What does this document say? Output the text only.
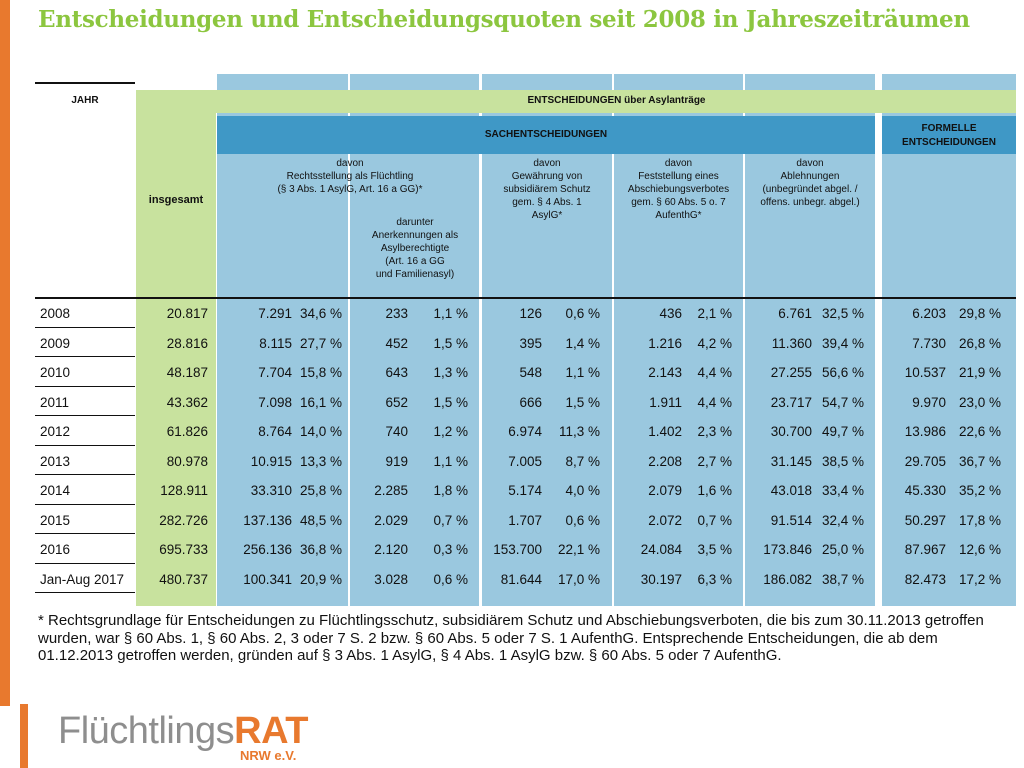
Entscheidungen und Entscheidungsquoten seit 2008 in Jahreszeiträumen
JAHR	ENTSCHEIDUNGEN über Asylanträge
insgesamt
SACHENTSCHEIDUNGEN
FORMELLE
ENTSCHEIDUNGEN
davon
Rechtsstellung als Flüchtling
(§ 3 Abs. 1 AsylG, Art. 16 a GG)*
darunter
Anerkennungen als
Asylberechtigte
(Art. 16 a GG
und Familienasyl)
davon
Gewährung von
subsidiärem Schutz
gem. § 4 Abs. 1
AsylG*
davon
Feststellung eines
Abschiebungsverbotes
gem. § 60 Abs. 5 o. 7
AufenthG*
davon
Ablehnungen
(unbegründet abgel. /
offens. unbegr. abgel.)
2008	20.817	7.291 34,6 %	233	1,1 %	126	0,6 %	436	2,1 %	6.761 32,5 %	6.203 29,8 %
2009	28.816	8.115 27,7 %	452	1,5 %	395	1,4 %	1.216	4,2 %	11.360 39,4 %	7.730 26,8 %
2010	48.187	7.704 15,8 %	643	1,3 %	548	1,1 %	2.143	4,4 %	27.255 56,6 %	10.537 21,9 %
2011	43.362	7.098 16,1 %	652	1,5 %	666	1,5 %	1.911	4,4 %	23.717 54,7 %	9.970 23,0 %
2012	61.826	8.764 14,0 %	740	1,2 %	6.974	11,3 %	1.402	2,3 %	30.700 49,7 %	13.986 22,6 %
2013	80.978	10.915 13,3 %	919	1,1 %	7.005	8,7 %	2.208	2,7 %	31.145 38,5 %	29.705 36,7 %
2014	128.911	33.310 25,8 %	2.285	1,8 %	5.174	4,0 %	2.079	1,6 %	43.018 33,4 %	45.330 35,2 %
2015	282.726	137.136 48,5 %	2.029	0,7 %	1.707	0,6 %	2.072	0,7 %	91.514 32,4 %	50.297 17,8 %
2016	695.733	256.136 36,8 %	2.120	0,3 %	153.700	22,1 %	24.084	3,5 %	173.846 25,0 %	87.967 12,6 %
Jan-Aug 2017	480.737	100.341 20,9 %	3.028	0,6 %	81.644	17,0 %	30.197	6,3 %	186.082 38,7 %	82.473 17,2 %
* Rechtsgrundlage für Entscheidungen zu Flüchtlingsschutz, subsidiärem Schutz und Abschiebungsverboten, die bis zum 30.11.2013 getroffen wurden, war § 60 Abs. 1, § 60 Abs. 2, 3 oder 7 S. 2 bzw. § 60 Abs. 5 oder 7 S. 1 AufenthG. Entsprechende Entscheidungen, die ab dem 01.12.2013 getroffen werden, gründen auf § 3 Abs. 1 AsylG, § 4 Abs. 1 AsylG bzw. § 60 Abs. 5 oder 7 AufenthG.
FlüchtlingsRAT
NRW e.V.
